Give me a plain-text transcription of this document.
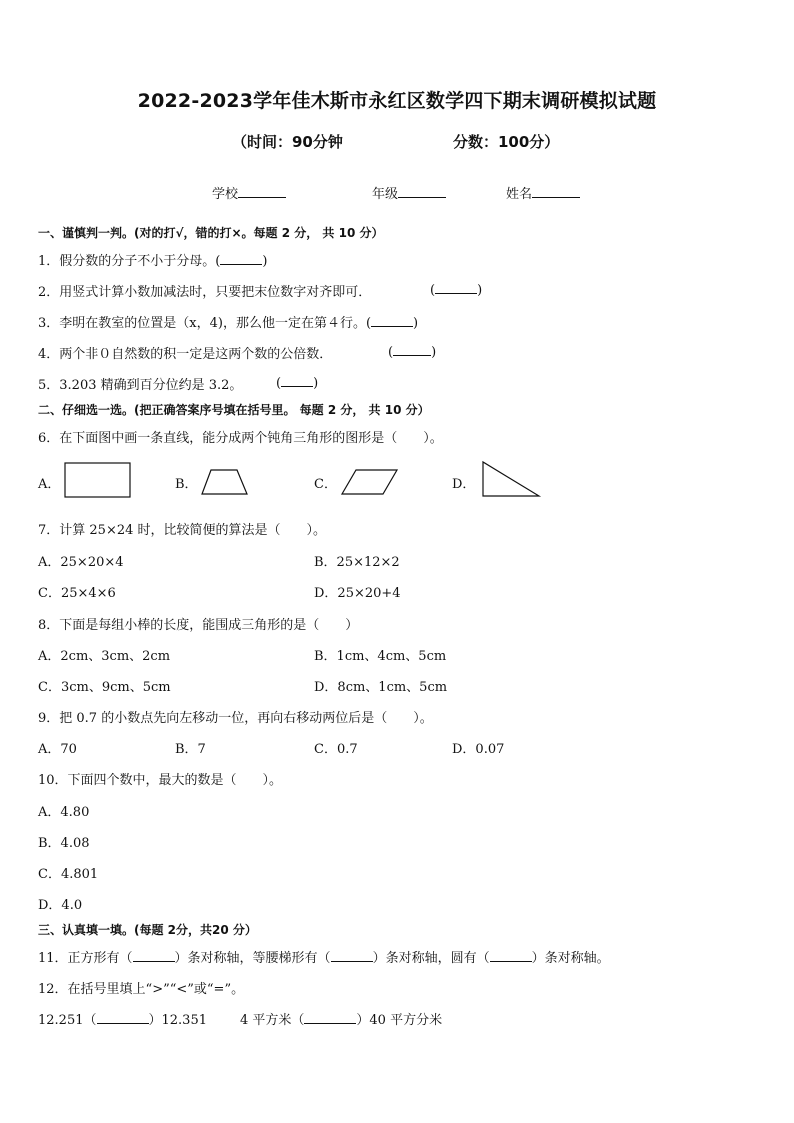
2022-2023学年佳木斯市永红区数学四下期末调研模拟试题
（时间：90分钟	分数：100分）
学校	年级	姓名
一、谨慎判一判。(对的打√，错的打×。每题 2 分， 共 10 分）
1．假分数的分子不小于分母。(	)
2．用竖式计算小数加减法时，只要把末位数字对齐即可．	(	)
3．李明在教室的位置是（x，4)，那么他一定在第４行。(	)
4．两个非０自然数的积一定是这两个数的公倍数．	(	)
5．3.203 精确到百分位约是 3.2。	( )
二、仔细选一选。(把正确答案序号填在括号里。 每题 2 分， 共 10 分）
6．在下面图中画一条直线，能分成两个钝角三角形的图形是（　　）。
A．	B．	C．	D．
7．计算 25×24 时，比较简便的算法是（　　）。
A．25×20×4	B．25×12×2
C．25×4×6	D．25×20+4
8．下面是每组小棒的长度，能围成三角形的是（　　）
A．2cm、3cm、2cm	B．1cm、4cm、5cm
C．3cm、9cm、5cm	D．8cm、1cm、5cm
9．把 0.7 的小数点先向左移动一位，再向右移动两位后是（　　）。
A．70	B．7	C．0.7	D．0.07
10．下面四个数中，最大的数是（　　）。
A．4.80
B．4.08
C．4.801
D．4.0
三、认真填一填。(每题 2分，共20 分）
11．正方形有（	）条对称轴，等腰梯形有（	）条对称轴，圆有（	）条对称轴。
12．在括号里填上“>”“<”或“=”。
12.251（	）12.351	4 平方米（	）40 平方分米
